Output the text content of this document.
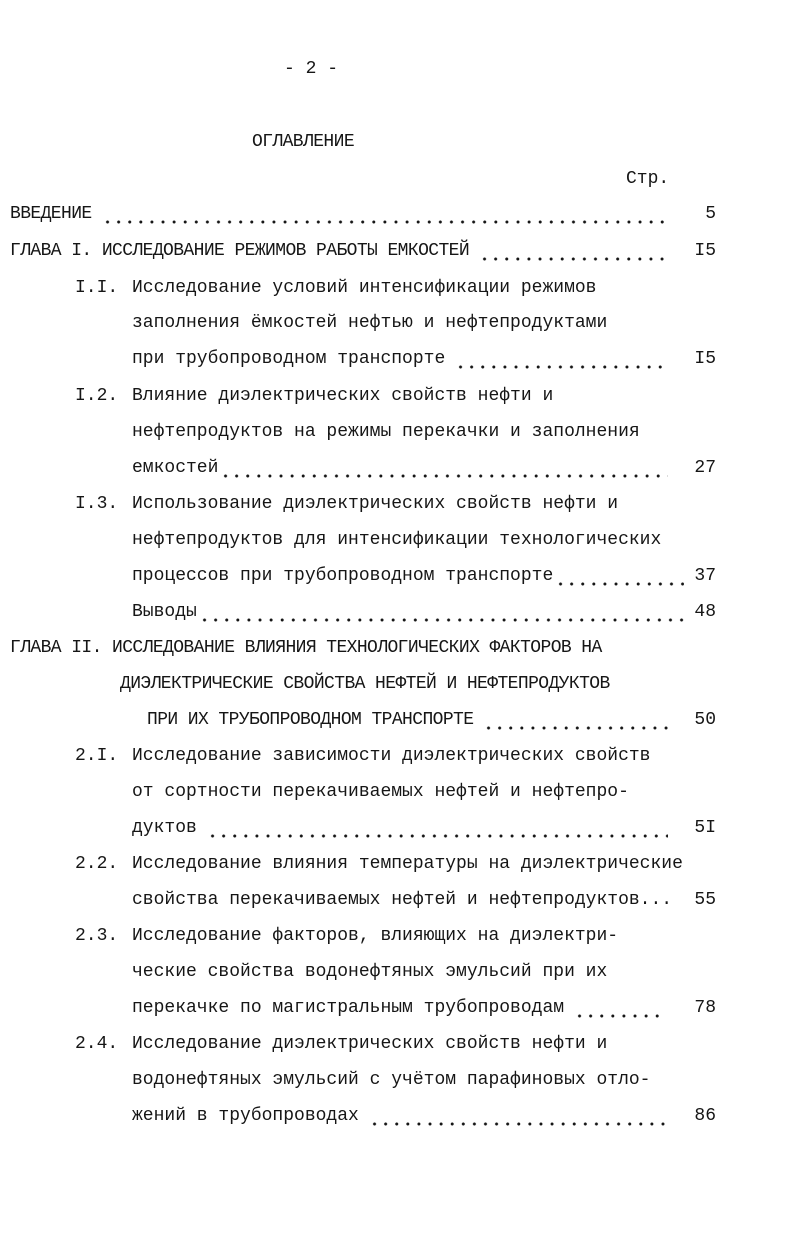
- 2 -
ОГЛАВЛЕНИЕ
Стр.
ВВЕДЕНИЕ	5
ГЛАВА I. ИССЛЕДОВАНИЕ РЕЖИМОВ РАБОТЫ ЕМКОСТЕЙ	I5
I.I. Исследование условий интенсификации режимов
заполнения ёмкостей нефтью и нефтепродуктами
при трубопроводном транспорте	I5
I.2. Влияние диэлектрических свойств нефти и
нефтепродуктов на режимы перекачки и заполнения
емкостей	27
I.3. Использование диэлектрических свойств нефти и
нефтепродуктов для интенсификации технологических
процессов при трубопроводном транспорте	37
Выводы	48
ГЛАВА II. ИССЛЕДОВАНИЕ ВЛИЯНИЯ ТЕХНОЛОГИЧЕСКИХ ФАКТОРОВ НА
ДИЭЛЕКТРИЧЕСКИЕ СВОЙСТВА НЕФТЕЙ И НЕФТЕПРОДУКТОВ
ПРИ ИХ ТРУБОПРОВОДНОМ ТРАНСПОРТЕ	50
2.I. Исследование зависимости диэлектрических свойств
от сортности перекачиваемых нефтей и нефтепро-
дуктов	5I
2.2. Исследование влияния температуры на диэлектрические
свойства перекачиваемых нефтей и нефтепродуктов...	55
2.3. Исследование факторов, влияющих на диэлектри-
ческие свойства водонефтяных эмульсий при их
перекачке по магистральным трубопроводам	78
2.4. Исследование диэлектрических свойств нефти и
водонефтяных эмульсий с учётом парафиновых отло-
жений в трубопроводах	86
